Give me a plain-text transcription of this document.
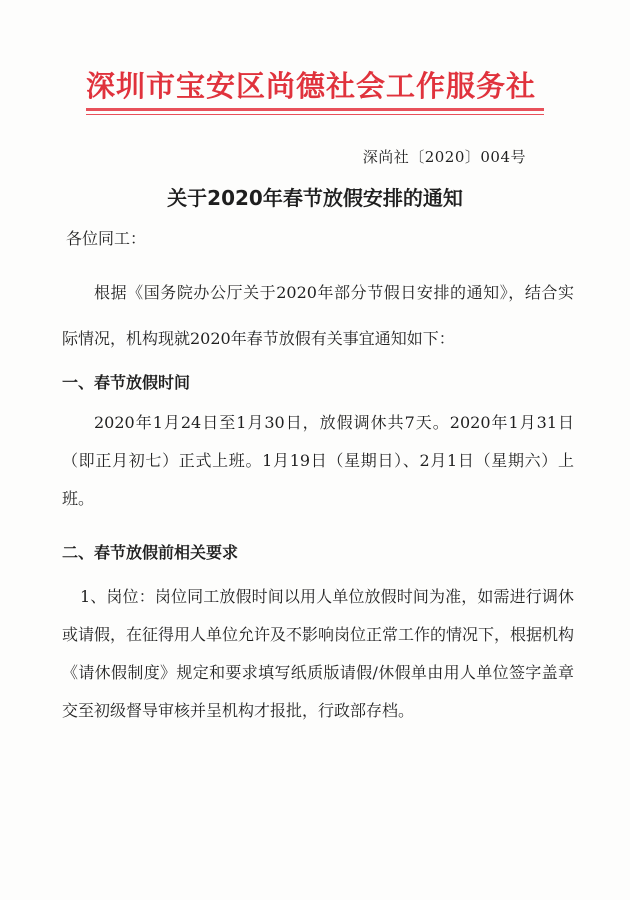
深圳市宝安区尚德社会工作服务社
深尚社〔2020〕004号
关于2020年春节放假安排的通知
各位同工：
根据《国务院办公厅关于2020年部分节假日安排的通知》，结合实际情况，机构现就2020年春节放假有关事宜通知如下：
一、春节放假时间
2020年1月24日至1月30日，放假调休共7天。2020年1月31日（即正月初七）正式上班。1月19日（星期日）、2月1日（星期六）上班。
二、春节放假前相关要求
1、岗位：岗位同工放假时间以用人单位放假时间为准，如需进行调休或请假，在征得用人单位允许及不影响岗位正常工作的情况下，根据机构《请休假制度》规定和要求填写纸质版请假/休假单由用人单位签字盖章交至初级督导审核并呈机构才报批，行政部存档。
